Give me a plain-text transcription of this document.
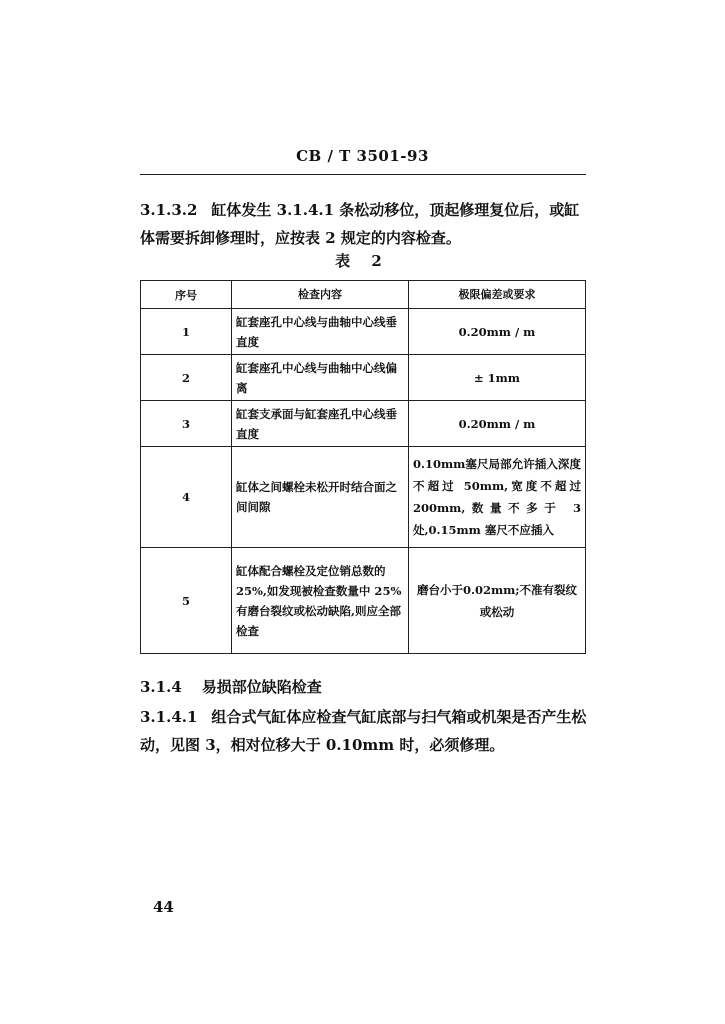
CB / T 3501-93
3.1.3.2 缸体发生 3.1.4.1 条松动移位，顶起修理复位后，或缸体需要拆卸修理时，应按表 2 规定的内容检查。
表 2
序号	检查内容	极限偏差或要求
1	缸套座孔中心线与曲轴中心线垂直度	0.20mm / m
2	缸套座孔中心线与曲轴中心线偏离	± 1mm
3	缸套支承面与缸套座孔中心线垂直度	0.20mm / m
4	缸体之间螺栓未松开时结合面之间间隙	0.10mm塞尺局部允许插入深度不超过 50mm,宽度不超过 200mm,数量不多于 3 处,0.15mm 塞尺不应插入
5	缸体配合螺栓及定位销总数的 25%,如发现被检查数量中 25%有磨台裂纹或松动缺陷,则应全部检查	磨台小于0.02mm;不准有裂纹或松动
3.1.4 易损部位缺陷检查
3.1.4.1 组合式气缸体应检查气缸底部与扫气箱或机架是否产生松动，见图 3，相对位移大于 0.10mm 时，必须修理。
44
